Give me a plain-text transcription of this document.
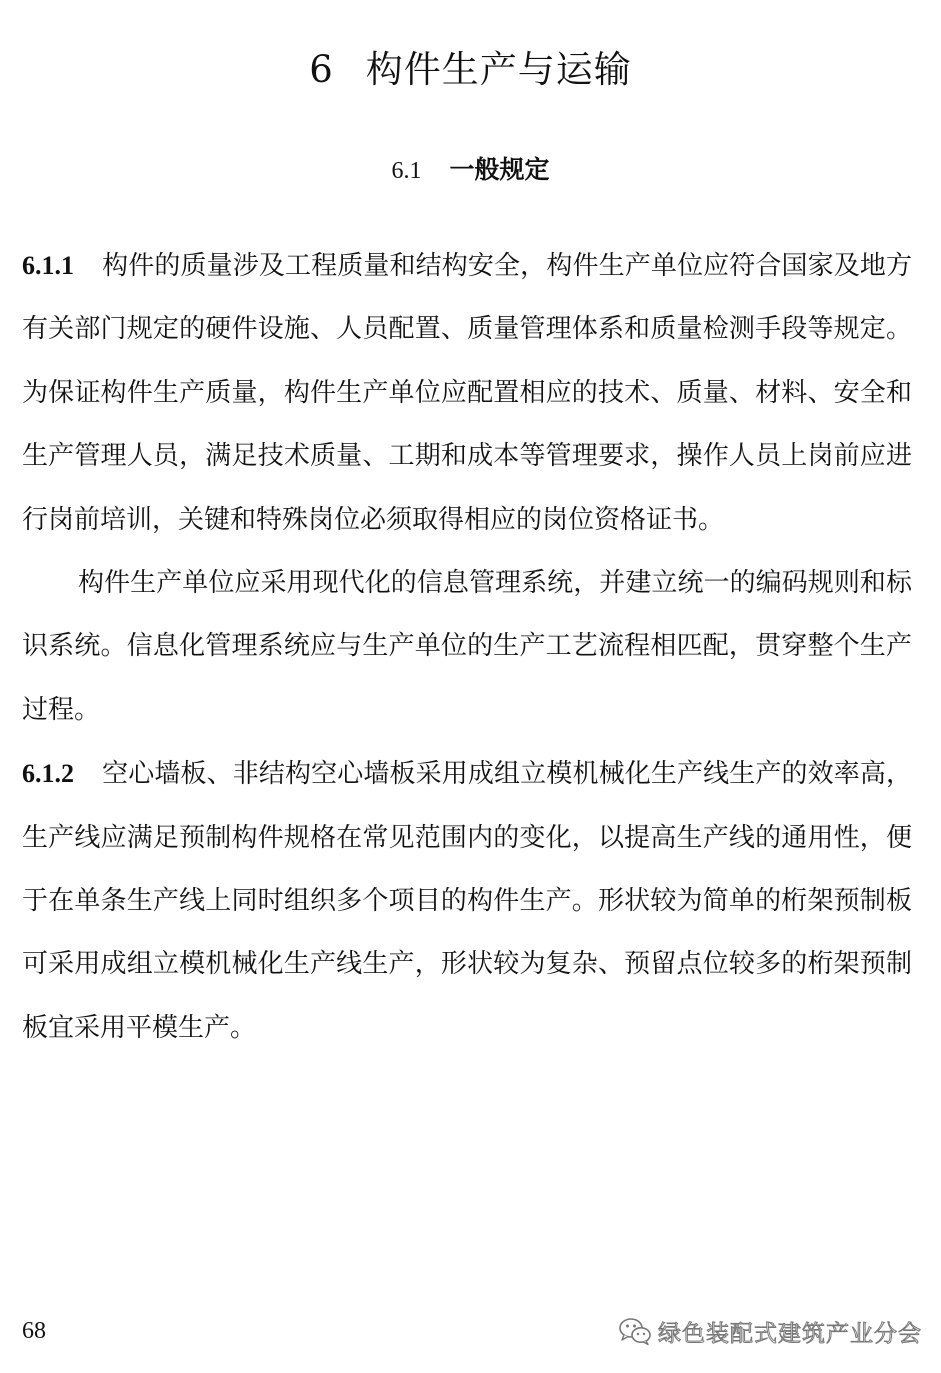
6 构件生产与运输
6.1 一般规定

6.1.1 构件的质量涉及工程质量和结构安全，构件生产单位应符合国家及地方有关部门规定的硬件设施、人员配置、质量管理体系和质量检测手段等规定。为保证构件生产质量，构件生产单位应配置相应的技术、质量、材料、安全和生产管理人员，满足技术质量、工期和成本等管理要求，操作人员上岗前应进行岗前培训，关键和特殊岗位必须取得相应的岗位资格证书。

构件生产单位应采用现代化的信息管理系统，并建立统一的编码规则和标识系统。信息化管理系统应与生产单位的生产工艺流程相匹配，贯穿整个生产过程。

6.1.2 空心墙板、非结构空心墙板采用成组立模机械化生产线生产的效率高，生产线应满足预制构件规格在常见范围内的变化，以提高生产线的通用性，便于在单条生产线上同时组织多个项目的构件生产。形状较为简单的桁架预制板可采用成组立模机械化生产线生产，形状较为复杂、预留点位较多的桁架预制板宜采用平模生产。

68	绿色装配式建筑产业分会
